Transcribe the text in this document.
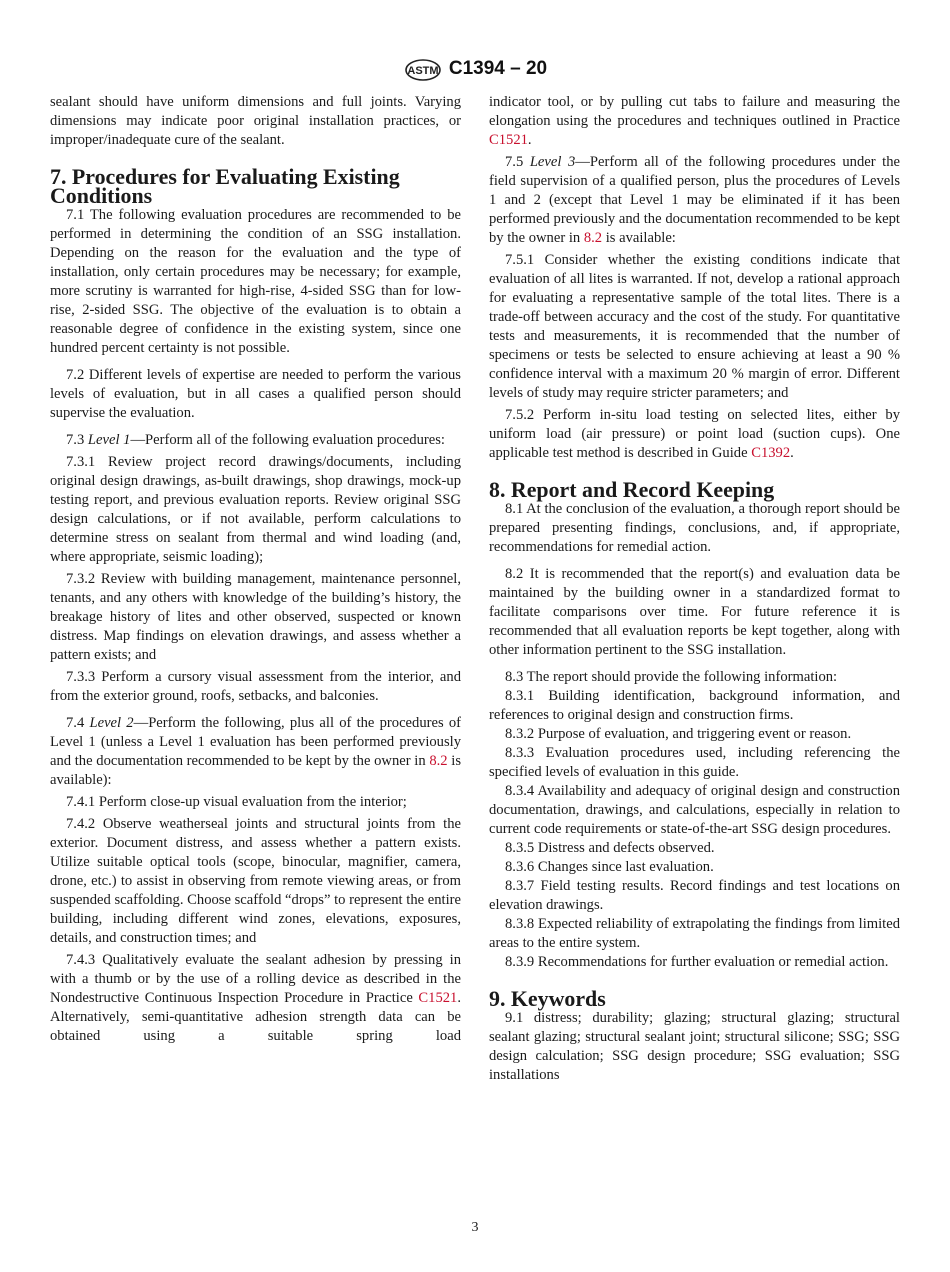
ASTM C1394 – 20

sealant should have uniform dimensions and full joints. Varying dimensions may indicate poor original installation practices, or improper/inadequate cure of the sealant.

7. Procedures for Evaluating Existing Conditions

7.1 The following evaluation procedures are recommended to be performed in determining the condition of an SSG installation. Depending on the reason for the evaluation and the type of installation, only certain procedures may be necessary; for example, more scrutiny is warranted for high-rise, 4-sided SSG than for low-rise, 2-sided SSG. The objective of the evaluation is to obtain a reasonable degree of confidence in the existing system, since one hundred percent certainty is not possible.

7.2 Different levels of expertise are needed to perform the various levels of evaluation, but in all cases a qualified person should supervise the evaluation.

7.3 Level 1—Perform all of the following evaluation procedures:

7.3.1 Review project record drawings/documents, including original design drawings, as-built drawings, shop drawings, mock-up testing report, and previous evaluation reports. Review original SSG design calculations, or if not available, perform calculations to determine stress on sealant from thermal and wind loading (and, where appropriate, seismic loading);

7.3.2 Review with building management, maintenance personnel, tenants, and any others with knowledge of the building’s history, the breakage history of lites and other observed, suspected or known distress. Map findings on elevation drawings, and assess whether a pattern exists; and

7.3.3 Perform a cursory visual assessment from the interior, and from the exterior ground, roofs, setbacks, and balconies.

7.4 Level 2—Perform the following, plus all of the procedures of Level 1 (unless a Level 1 evaluation has been performed previously and the documentation recommended to be kept by the owner in 8.2 is available):

7.4.1 Perform close-up visual evaluation from the interior;

7.4.2 Observe weatherseal joints and structural joints from the exterior. Document distress, and assess whether a pattern exists. Utilize suitable optical tools (scope, binocular, magnifier, camera, drone, etc.) to assist in observing from remote viewing areas, or from suspended scaffolding. Choose scaffold “drops” to represent the entire building, including different wind zones, elevations, exposures, details, and construction times; and

7.4.3 Qualitatively evaluate the sealant adhesion by pressing in with a thumb or by the use of a rolling device as described in the Nondestructive Continuous Inspection Procedure in Practice C1521. Alternatively, semi-quantitative adhesion strength data can be obtained using a suitable spring load

indicator tool, or by pulling cut tabs to failure and measuring the elongation using the procedures and techniques outlined in Practice C1521.

7.5 Level 3—Perform all of the following procedures under the field supervision of a qualified person, plus the procedures of Levels 1 and 2 (except that Level 1 may be eliminated if it has been performed previously and the documentation recommended to be kept by the owner in 8.2 is available:

7.5.1 Consider whether the existing conditions indicate that evaluation of all lites is warranted. If not, develop a rational approach for evaluating a representative sample of the total lites. There is a trade-off between accuracy and the cost of the study. For quantitative tests and measurements, it is recommended that the number of specimens or tests be selected to ensure achieving at least a 90 % confidence interval with a maximum 20 % margin of error. Different levels of study may require stricter parameters; and

7.5.2 Perform in-situ load testing on selected lites, either by uniform load (air pressure) or point load (suction cups). One applicable test method is described in Guide C1392.

8. Report and Record Keeping

8.1 At the conclusion of the evaluation, a thorough report should be prepared presenting findings, conclusions, and, if appropriate, recommendations for remedial action.

8.2 It is recommended that the report(s) and evaluation data be maintained by the building owner in a standardized format to facilitate comparisons over time. For future reference it is recommended that all evaluation reports be kept together, along with other information pertinent to the SSG installation.

8.3 The report should provide the following information:

8.3.1 Building identification, background information, and references to original design and construction firms.

8.3.2 Purpose of evaluation, and triggering event or reason.

8.3.3 Evaluation procedures used, including referencing the specified levels of evaluation in this guide.

8.3.4 Availability and adequacy of original design and construction documentation, drawings, and calculations, especially in relation to current code requirements or state-of-the-art SSG design procedures.

8.3.5 Distress and defects observed.

8.3.6 Changes since last evaluation.

8.3.7 Field testing results. Record findings and test locations on elevation drawings.

8.3.8 Expected reliability of extrapolating the findings from limited areas to the entire system.

8.3.9 Recommendations for further evaluation or remedial action.

9. Keywords

9.1 distress; durability; glazing; structural glazing; structural sealant glazing; structural sealant joint; structural silicone; SSG; SSG design calculation; SSG design procedure; SSG evaluation; SSG installations

3
